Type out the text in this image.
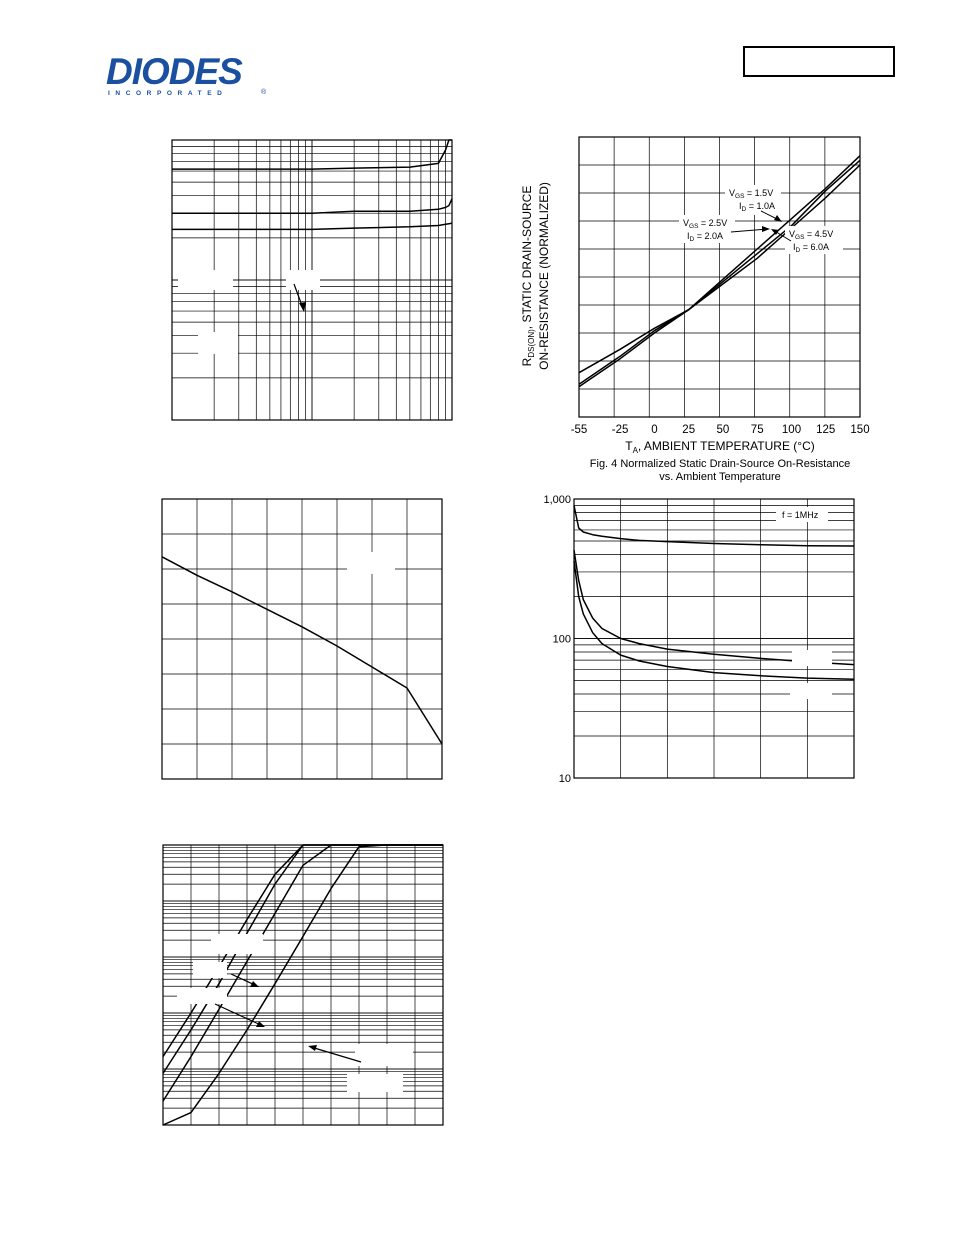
DIODES
INCORPORATED	®
-55 -25 0 25 50 75 100 125 150
$T_A$, AMBIENT TEMPERATURE (°C)
Fig. 4 Normalized Static Drain-Source On-Resistance
vs. Ambient Temperature
$R_{DS(ON)}$, STATIC DRAIN-SOURCE ON-RESISTANCE (NORMALIZED)	$V_{GS} = 1.5V$
$I_D = 1.0A$
$V_{GS} = 2.5V$
$I_D = 2.0A$	$V_{GS} = 4.5V$
$I_D = 6.0A$
f = 1MHz
1,000
100
10
